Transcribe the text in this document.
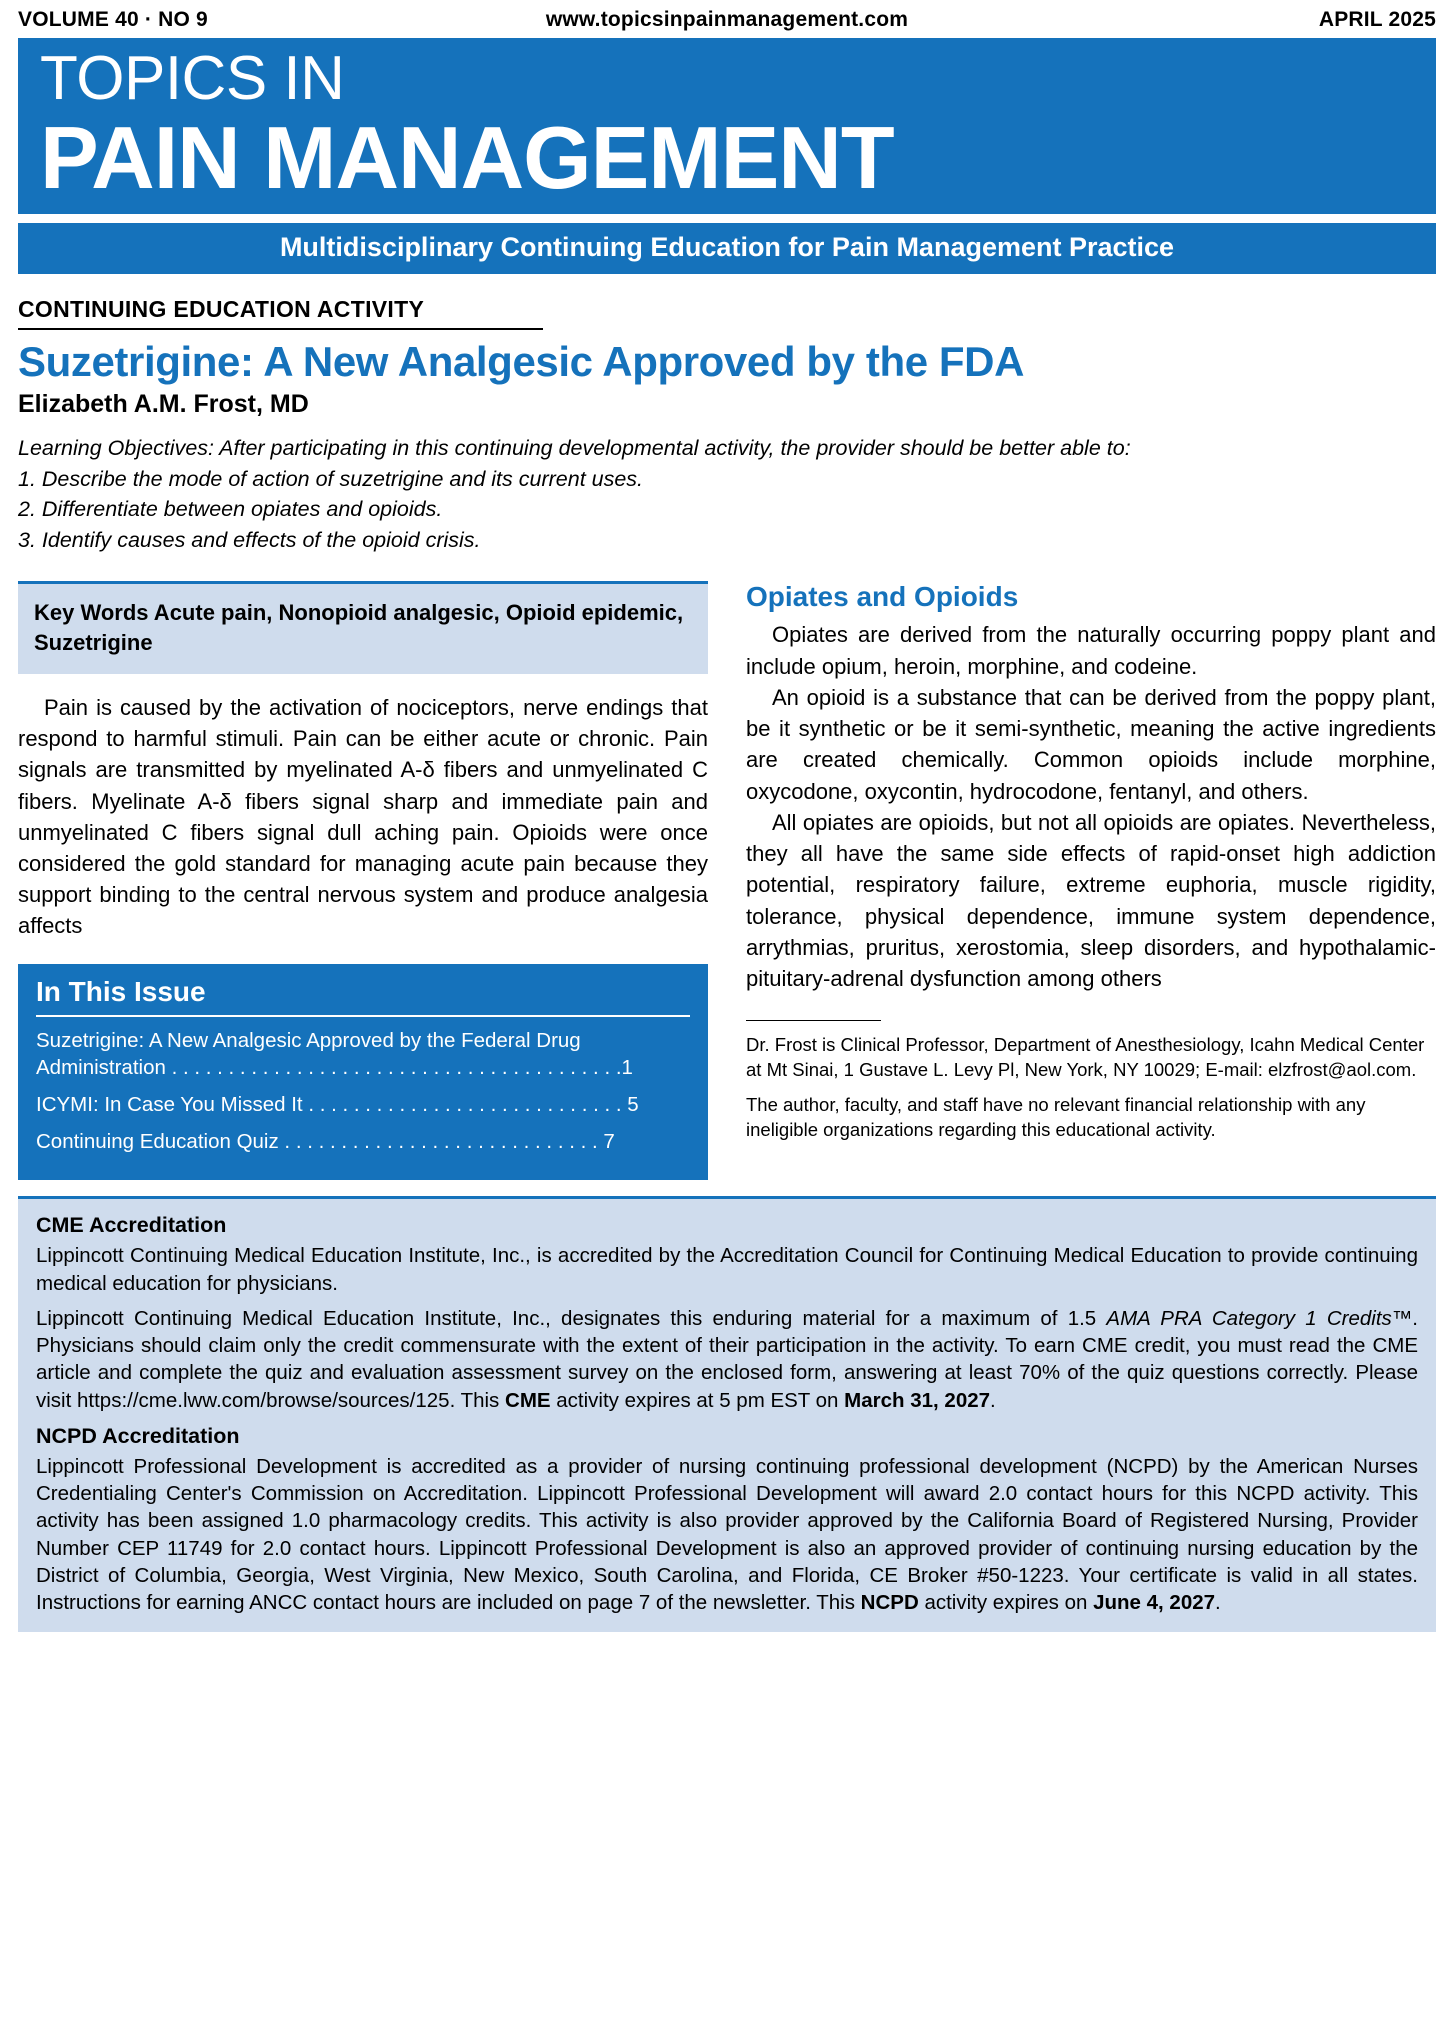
VOLUME 40 · NO 9	www.topicsinpainmanagement.com	APRIL 2025
TOPICS IN
PAIN MANAGEMENT
Multidisciplinary Continuing Education for Pain Management Practice
CONTINUING EDUCATION ACTIVITY
Suzetrigine: A New Analgesic Approved by the FDA
Elizabeth A.M. Frost, MD
Learning Objectives: After participating in this continuing developmental activity, the provider should be better able to:
1. Describe the mode of action of suzetrigine and its current uses.
2. Differentiate between opiates and opioids.
3. Identify causes and effects of the opioid crisis.
Key Words Acute pain, Nonopioid analgesic, Opioid epidemic, Suzetrigine

Pain is caused by the activation of nociceptors, nerve endings that respond to harmful stimuli. Pain can be either acute or chronic. Pain signals are transmitted by myelinated A-δ fibers and unmyelinated C fibers. Myelinate A-δ fibers signal sharp and immediate pain and unmyelinated C fibers signal dull aching pain. Opioids were once considered the gold standard for managing acute pain because they support binding to the central nervous system and produce analgesia affects

In This Issue
Suzetrigine: A New Analgesic Approved by the Federal Drug Administration . . . . . . . . . . . . . . . . . . . . . . . . . . . . . . . . . . . . . . . .1
ICYMI: In Case You Missed It . . . . . . . . . . . . . . . . . . . . . . . . . . . . 5
Continuing Education Quiz . . . . . . . . . . . . . . . . . . . . . . . . . . . . 7
Opiates and Opioids

Opiates are derived from the naturally occurring poppy plant and include opium, heroin, morphine, and codeine.

An opioid is a substance that can be derived from the poppy plant, be it synthetic or be it semi-synthetic, meaning the active ingredients are created chemically. Common opioids include morphine, oxycodone, oxycontin, hydrocodone, fentanyl, and others.

All opiates are opioids, but not all opioids are opiates. Nevertheless, they all have the same side effects of rapid-onset high addiction potential, respiratory failure, extreme euphoria, muscle rigidity, tolerance, physical dependence, immune system dependence, arrythmias, pruritus, xerostomia, sleep disorders, and hypothalamic-pituitary-adrenal dysfunction among others

Dr. Frost is Clinical Professor, Department of Anesthesiology, Icahn Medical Center at Mt Sinai, 1 Gustave L. Levy Pl, New York, NY 10029; E-mail: elzfrost@aol.com.
The author, faculty, and staff have no relevant financial relationship with any ineligible organizations regarding this educational activity.
CME Accreditation

Lippincott Continuing Medical Education Institute, Inc., is accredited by the Accreditation Council for Continuing Medical Education to provide continuing medical education for physicians.

Lippincott Continuing Medical Education Institute, Inc., designates this enduring material for a maximum of 1.5 AMA PRA Category 1 Credits™. Physicians should claim only the credit commensurate with the extent of their participation in the activity. To earn CME credit, you must read the CME article and complete the quiz and evaluation assessment survey on the enclosed form, answering at least 70% of the quiz questions correctly. Please visit https://cme.lww.com/browse/sources/125. This CME activity expires at 5 pm EST on March 31, 2027.

NCPD Accreditation

Lippincott Professional Development is accredited as a provider of nursing continuing professional development (NCPD) by the American Nurses Credentialing Center's Commission on Accreditation. Lippincott Professional Development will award 2.0 contact hours for this NCPD activity. This activity has been assigned 1.0 pharmacology credits. This activity is also provider approved by the California Board of Registered Nursing, Provider Number CEP 11749 for 2.0 contact hours. Lippincott Professional Development is also an approved provider of continuing nursing education by the District of Columbia, Georgia, West Virginia, New Mexico, South Carolina, and Florida, CE Broker #50-1223. Your certificate is valid in all states. Instructions for earning ANCC contact hours are included on page 7 of the newsletter. This NCPD activity expires on June 4, 2027.
